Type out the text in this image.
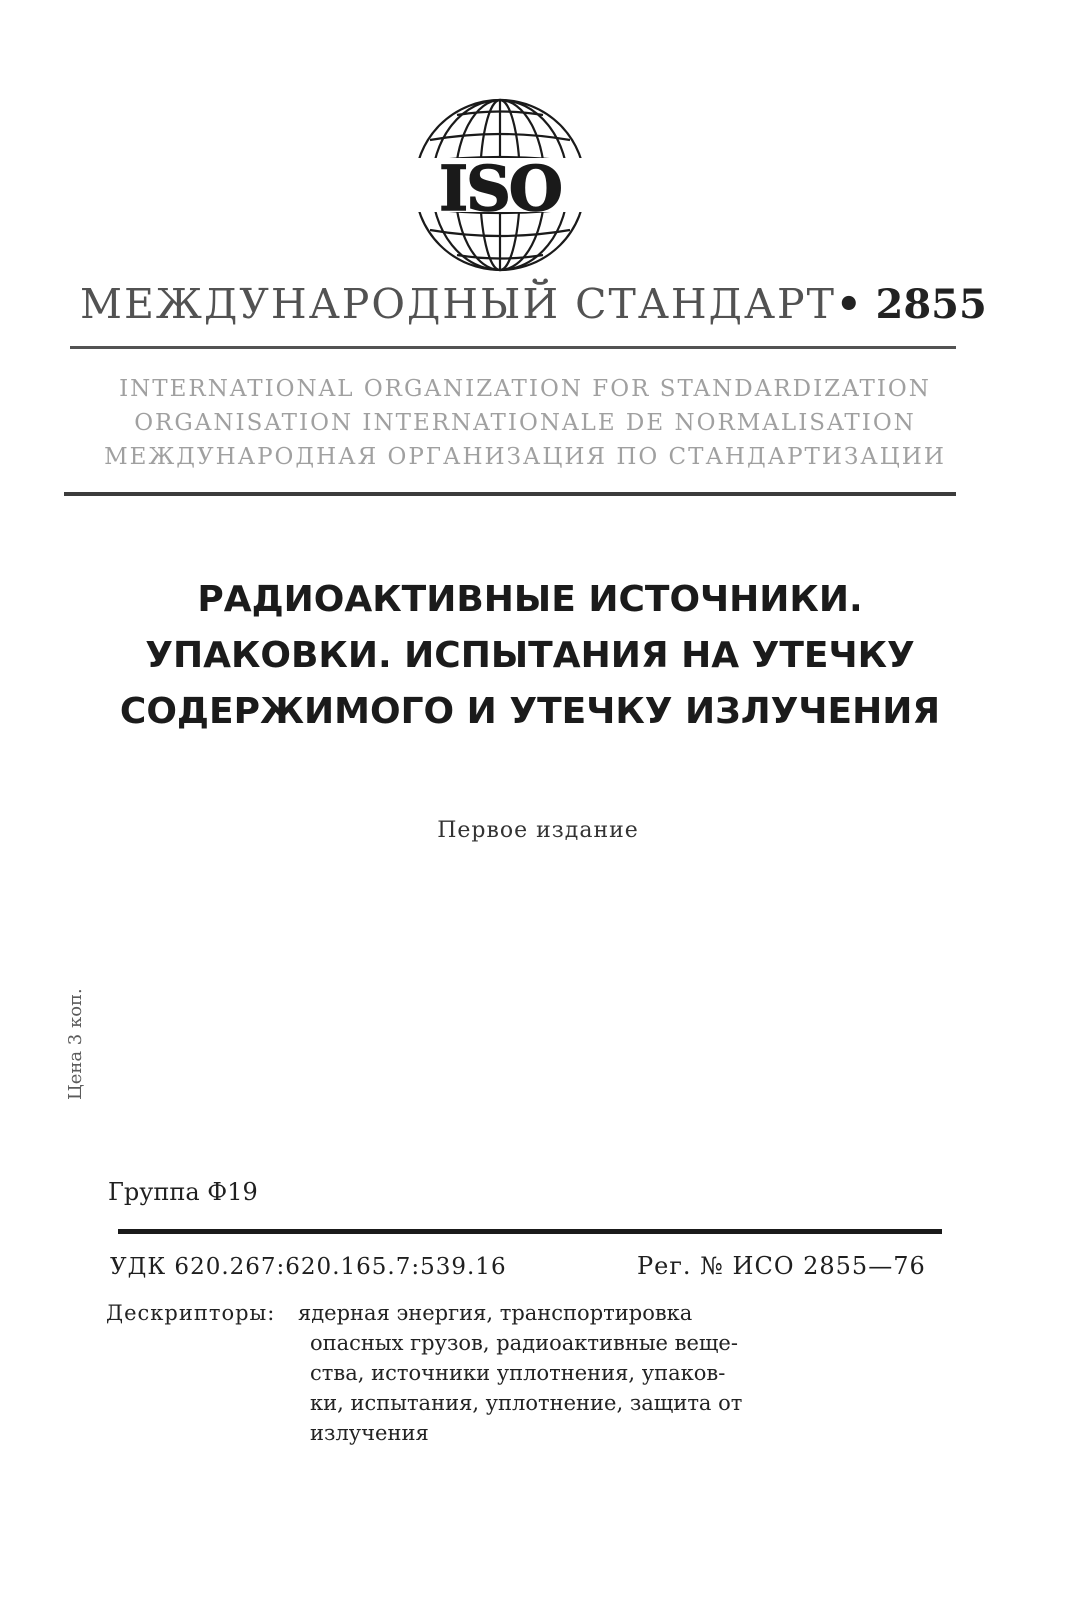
ISO
МЕЖДУНАРОДНЫЙ СТАНДАРТ • 2855
INTERNATIONAL ORGANIZATION FOR STANDARDIZATION
ORGANISATION INTERNATIONALE DE NORMALISATION
МЕЖДУНАРОДНАЯ ОРГАНИЗАЦИЯ ПО СТАНДАРТИЗАЦИИ
РАДИОАКТИВНЫЕ ИСТОЧНИКИ.
УПАКОВКИ. ИСПЫТАНИЯ НА УТЕЧКУ
СОДЕРЖИМОГО И УТЕЧКУ ИЗЛУЧЕНИЯ
Первое издание
Цена 3 коп.
Группа Ф19
УДК 620.267:620.165.7:539.16	Рег. № ИСО 2855—76
Дескрипторы: ядерная энергия, транспортировка
опасных грузов, радиоактивные веще-
ства, источники уплотнения, упаков-
ки, испытания, уплотнение, защита от
излучения
